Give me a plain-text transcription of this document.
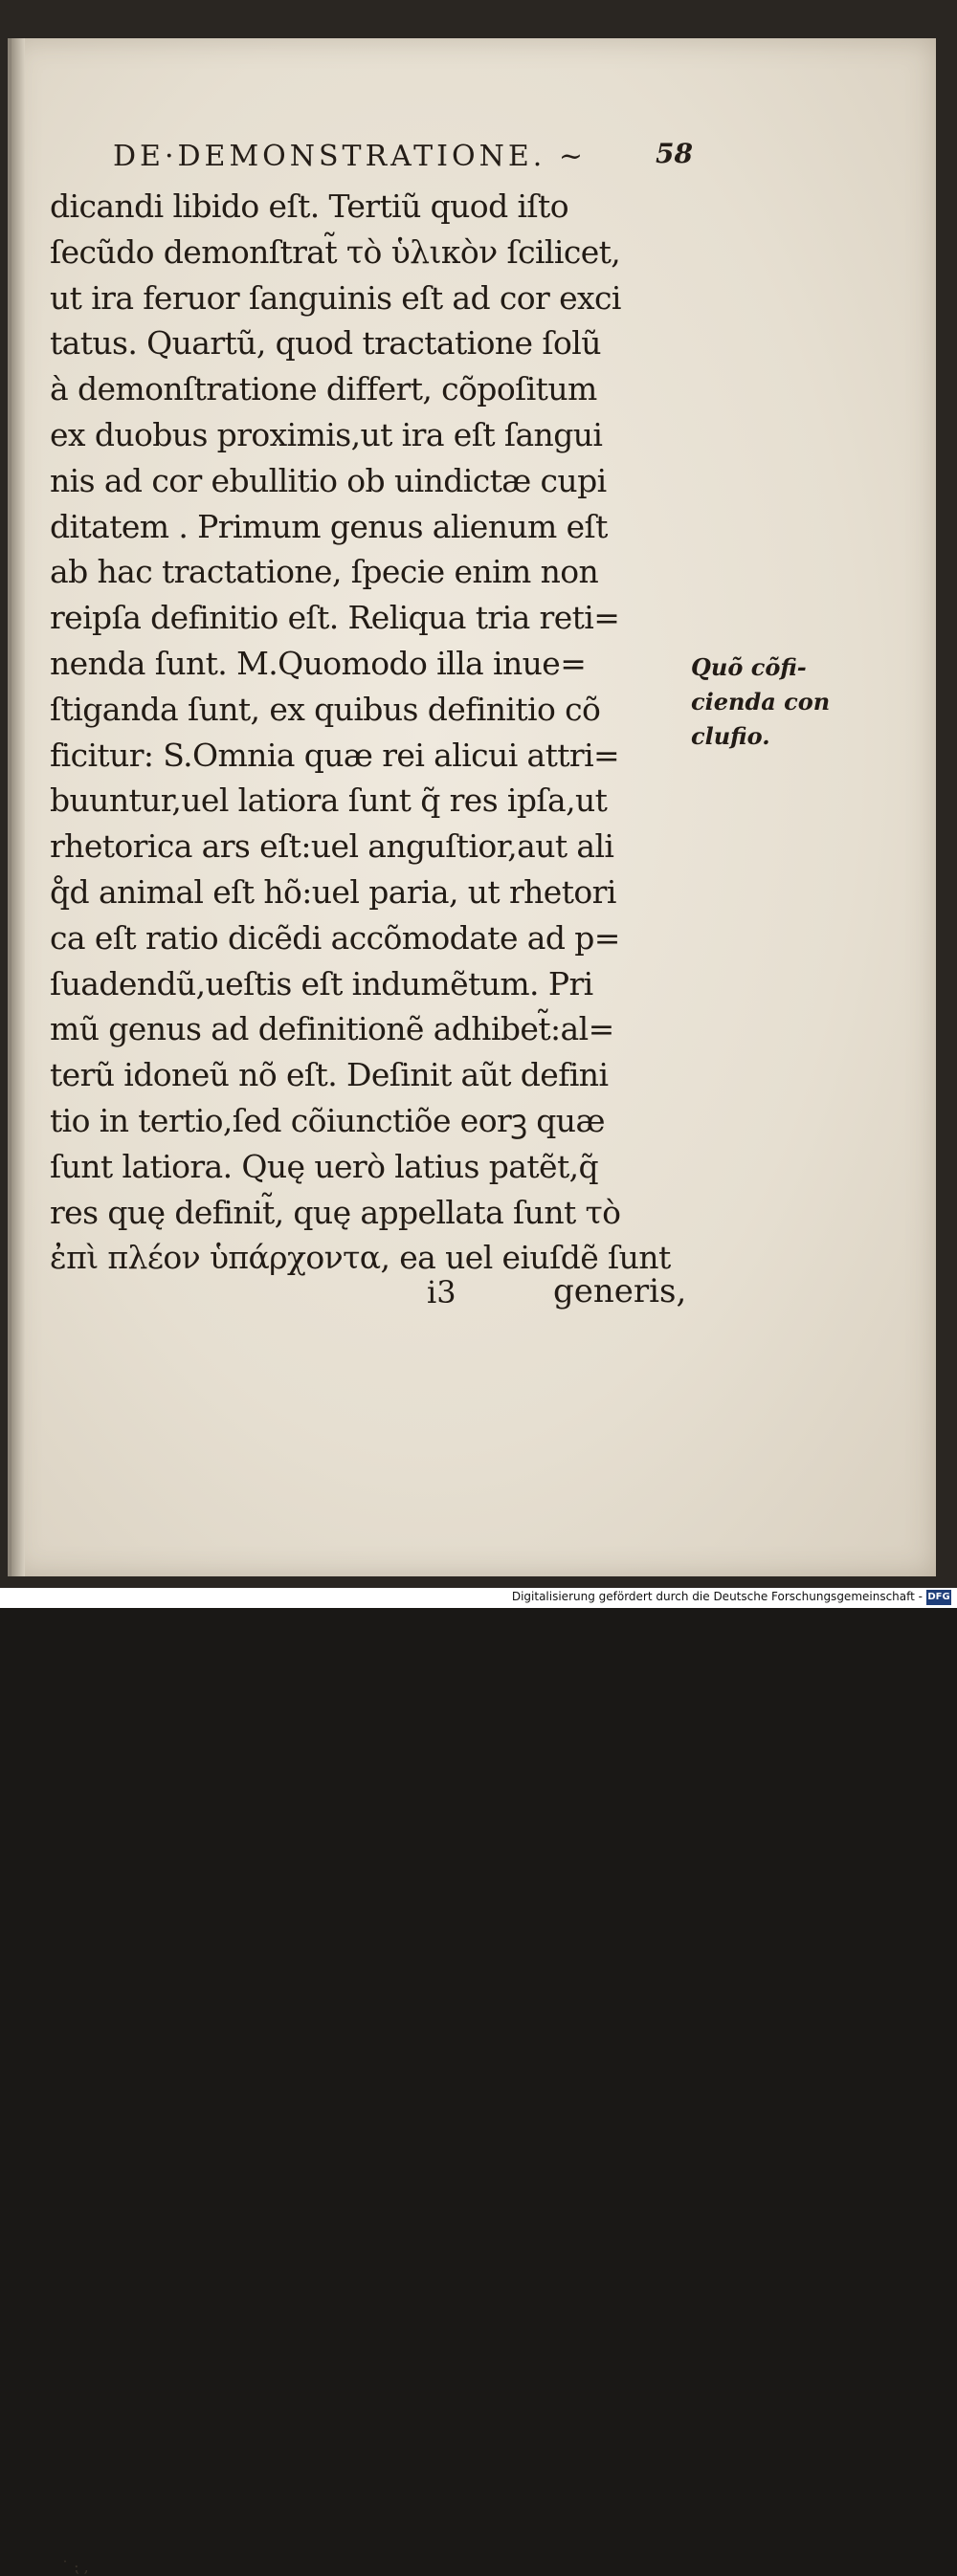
DE·DEMONSTRATIONE. ~	58
dicandi libido eſt. Tertiũ quod iſto
ſecũdo demonſtrat̃ τὸ ὑλικὸν ſcilicet,
ut ira feruor ſanguinis eſt ad cor exci
tatus. Quartũ, quod tractatione ſolũ
à demonſtratione differt, cõpoſitum
ex duobus proximis,ut ira eſt ſangui
nis ad cor ebullitio ob uindictæ cupi
ditatem . Primum genus alienum eſt
ab hac tractatione, ſpecie enim non
reipſa definitio eſt. Reliqua tria reti=
nenda ſunt. M.Quomodo illa inue=
ſtiganda ſunt, ex quibus definitio cõ
ficitur: S.Omnia quæ rei alicui attri=
buuntur,uel latiora ſunt q̃ res ipſa,ut
rhetorica ars eſt:uel anguſtior,aut ali
q̊d animal eſt hõ:uel paria, ut rhetori
ca eſt ratio dicẽdi accõmodate ad p=
ſuadendũ,ueſtis eſt indumẽtum. Pri
mũ genus ad definitionẽ adhibet̃:al=
terũ idoneũ nõ eſt. Deſinit aũt defini
tio in tertio,ſed cõiunctiõe eorꝫ quæ
ſunt latiora. Quę uerò latius patẽt,q̃
res quę definit̃, quę appellata ſunt τὸ
ἐπὶ πλέον ὑπάρχοντα, ea uel eiuſdẽ ſunt
Quõ cõfi-
cienda con
clufio.
˙ ⁏ ,
i3	generis,
Digitalisierung gefördert durch die Deutsche Forschungsgemeinschaft - DFG
